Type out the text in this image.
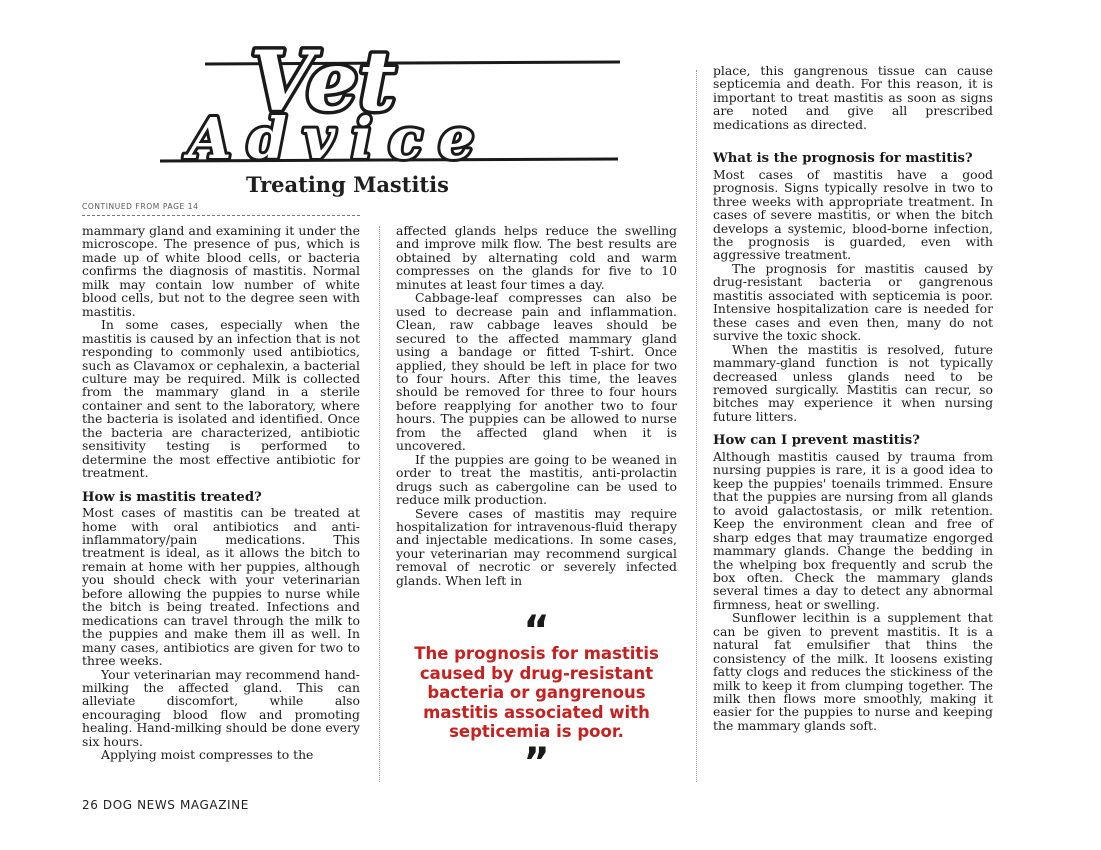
Vet
Advice
Treating Mastitis
CONTINUED FROM PAGE 14

mammary gland and examining it under the microscope. The presence of pus, which is made up of white blood cells, or bacteria confirms the diagnosis of mastitis. Normal milk may contain low number of white blood cells, but not to the degree seen with mastitis.

In some cases, especially when the mastitis is caused by an infection that is not responding to commonly used antibiotics, such as Clavamox or cephalexin, a bacterial culture may be required. Milk is collected from the mammary gland in a sterile container and sent to the laboratory, where the bacteria is isolated and identified. Once the bacteria are characterized, antibiotic sensitivity testing is performed to determine the most effective antibiotic for treatment.

How is mastitis treated?

Most cases of mastitis can be treated at home with oral antibiotics and anti-inflammatory/pain medications. This treatment is ideal, as it allows the bitch to remain at home with her puppies, although you should check with your veterinarian before allowing the puppies to nurse while the bitch is being treated. Infections and medications can travel through the milk to the puppies and make them ill as well. In many cases, antibiotics are given for two to three weeks.

Your veterinarian may recommend hand-milking the affected gland. This can alleviate discomfort, while also encouraging blood flow and promoting healing. Hand-milking should be done every six hours.

Applying moist compresses to the

affected glands helps reduce the swelling and improve milk flow. The best results are obtained by alternating cold and warm compresses on the glands for five to 10 minutes at least four times a day.

Cabbage-leaf compresses can also be used to decrease pain and inflammation. Clean, raw cabbage leaves should be secured to the affected mammary gland using a bandage or fitted T-shirt. Once applied, they should be left in place for two to four hours. After this time, the leaves should be removed for three to four hours before reapplying for another two to four hours. The puppies can be allowed to nurse from the affected gland when it is uncovered.

If the puppies are going to be weaned in order to treat the mastitis, anti-prolactin drugs such as cabergoline can be used to reduce milk production.

Severe cases of mastitis may require hospitalization for intravenous-fluid therapy and injectable medications. In some cases, your veterinarian may recommend surgical removal of necrotic or severely infected glands. When left in

“
The prognosis for mastitis caused by drug-resistant bacteria or gangrenous mastitis associated with septicemia is poor.
”

place, this gangrenous tissue can cause septicemia and death. For this reason, it is important to treat mastitis as soon as signs are noted and give all prescribed medications as directed.

What is the prognosis for mastitis?

Most cases of mastitis have a good prognosis. Signs typically resolve in two to three weeks with appropriate treatment. In cases of severe mastitis, or when the bitch develops a systemic, blood-borne infection, the prognosis is guarded, even with aggressive treatment.

The prognosis for mastitis caused by drug-resistant bacteria or gangrenous mastitis associated with septicemia is poor. Intensive hospitalization care is needed for these cases and even then, many do not survive the toxic shock.

When the mastitis is resolved, future mammary-gland function is not typically decreased unless glands need to be removed surgically. Mastitis can recur, so bitches may experience it when nursing future litters.

How can I prevent mastitis?

Although mastitis caused by trauma from nursing puppies is rare, it is a good idea to keep the puppies' toenails trimmed. Ensure that the puppies are nursing from all glands to avoid galactostasis, or milk retention. Keep the environment clean and free of sharp edges that may traumatize engorged mammary glands. Change the bedding in the whelping box frequently and scrub the box often. Check the mammary glands several times a day to detect any abnormal firmness, heat or swelling.

Sunflower lecithin is a supplement that can be given to prevent mastitis. It is a natural fat emulsifier that thins the consistency of the milk. It loosens existing fatty clogs and reduces the stickiness of the milk to keep it from clumping together. The milk then flows more smoothly, making it easier for the puppies to nurse and keeping the mammary glands soft.

26 DOG NEWS MAGAZINE
